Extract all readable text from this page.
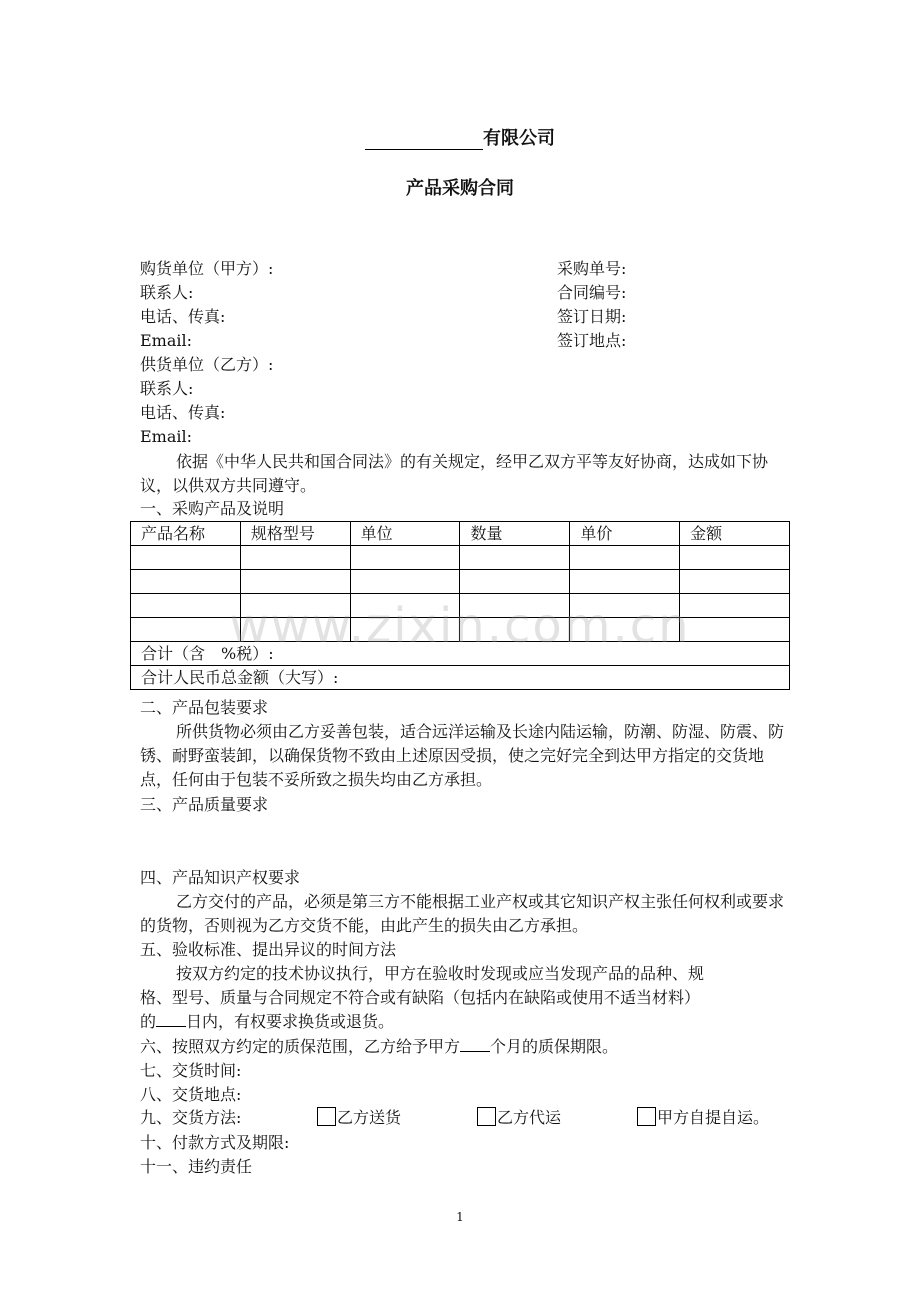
有限公司
产品采购合同
购货单位（甲方）:	采购单号:
联系人:	合同编号:
电话、传真:	签订日期:
Email:	签订地点:
供货单位（乙方）:
联系人:
电话、传真:
Email:
依据《中华人民共和国合同法》的有关规定，经甲乙双方平等友好协商，达成如下协议，以供双方共同遵守。
一、采购产品及说明
产品名称	规格型号	单位	数量	单价	金额

合计（含　%税）:					
合计人民币总金额（大写）:					
www.zixin.com.cn
二、产品包装要求
所供货物必须由乙方妥善包装，适合远洋运输及长途内陆运输，防潮、防湿、防震、防锈、耐野蛮装卸，以确保货物不致由上述原因受损，使之完好完全到达甲方指定的交货地点，任何由于包装不妥所致之损失均由乙方承担。
三、产品质量要求
四、产品知识产权要求
乙方交付的产品，必须是第三方不能根据工业产权或其它知识产权主张任何权利或要求的货物，否则视为乙方交货不能，由此产生的损失由乙方承担。
五、验收标准、提出异议的时间方法
按双方约定的技术协议执行，甲方在验收时发现或应当发现产品的品种、规
格、型号、质量与合同规定不符合或有缺陷（包括内在缺陷或使用不适当材料）
的 日内，有权要求换货或退货。
六、按照双方约定的质保范围，乙方给予甲方 个月的质保期限。
七、交货时间:
八、交货地点:
九、交货方法:	乙方送货	乙方代运	甲方自提自运。
十、付款方式及期限:
十一、违约责任
1
